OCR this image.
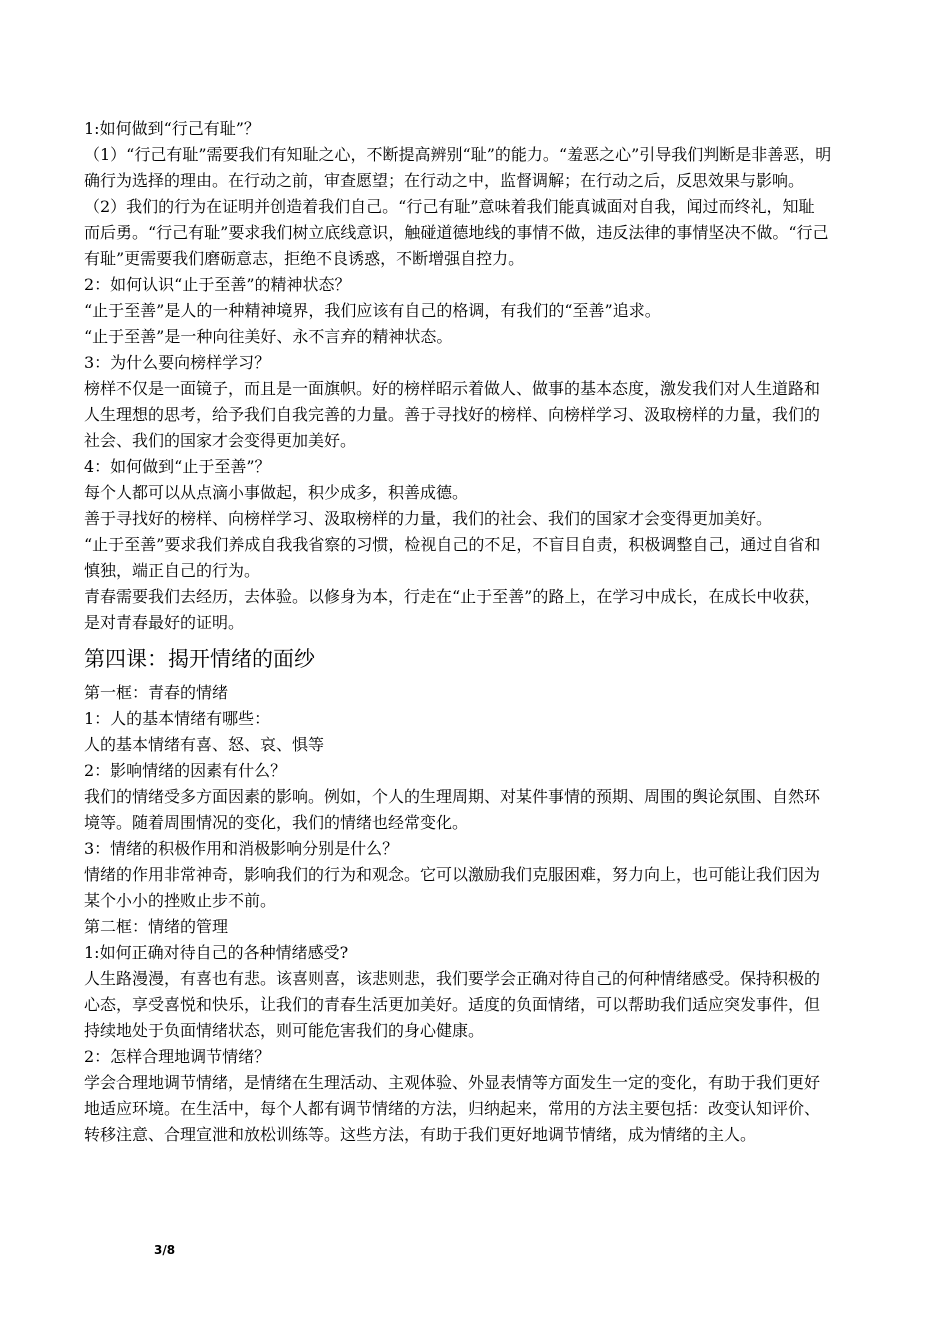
1:如何做到“行己有耻”？

（1）“行己有耻”需要我们有知耻之心，不断提高辨别“耻”的能力。“羞恶之心”引导我们判断是非善恶，明

确行为选择的理由。在行动之前，审查愿望；在行动之中，监督调解；在行动之后，反思效果与影响。

（2）我们的行为在证明并创造着我们自己。“行己有耻”意味着我们能真诚面对自我，闻过而终礼，知耻

而后勇。“行己有耻”要求我们树立底线意识，触碰道德地线的事情不做，违反法律的事情坚决不做。“行己

有耻”更需要我们磨砺意志，拒绝不良诱惑，不断增强自控力。

2：如何认识“止于至善”的精神状态？

“止于至善”是人的一种精神境界，我们应该有自己的格调，有我们的“至善”追求。

“止于至善”是一种向往美好、永不言弃的精神状态。

3：为什么要向榜样学习？

榜样不仅是一面镜子，而且是一面旗帜。好的榜样昭示着做人、做事的基本态度，激发我们对人生道路和

人生理想的思考，给予我们自我完善的力量。善于寻找好的榜样、向榜样学习、汲取榜样的力量，我们的

社会、我们的国家才会变得更加美好。

4：如何做到“止于至善”？

每个人都可以从点滴小事做起，积少成多，积善成德。

善于寻找好的榜样、向榜样学习、汲取榜样的力量，我们的社会、我们的国家才会变得更加美好。

“止于至善”要求我们养成自我我省察的习惯，检视自己的不足，不盲目自责，积极调整自己，通过自省和

慎独，端正自己的行为。

青春需要我们去经历，去体验。以修身为本，行走在“止于至善”的路上，在学习中成长，在成长中收获，

是对青春最好的证明。

第四课：揭开情绪的面纱

第一框：青春的情绪

1：人的基本情绪有哪些：

人的基本情绪有喜、怒、哀、惧等

2：影响情绪的因素有什么？

我们的情绪受多方面因素的影响。例如，个人的生理周期、对某件事情的预期、周围的舆论氛围、自然环

境等。随着周围情况的变化，我们的情绪也经常变化。

3：情绪的积极作用和消极影响分别是什么？

情绪的作用非常神奇，影响我们的行为和观念。它可以激励我们克服困难，努力向上，也可能让我们因为

某个小小的挫败止步不前。

第二框：情绪的管理

1:如何正确对待自己的各种情绪感受?

人生路漫漫，有喜也有悲。该喜则喜，该悲则悲，我们要学会正确对待自己的何种情绪感受。保持积极的

心态，享受喜悦和快乐，让我们的青春生活更加美好。适度的负面情绪，可以帮助我们适应突发事件，但

持续地处于负面情绪状态，则可能危害我们的身心健康。

2：怎样合理地调节情绪？

学会合理地调节情绪，是情绪在生理活动、主观体验、外显表情等方面发生一定的变化，有助于我们更好

地适应环境。在生活中，每个人都有调节情绪的方法，归纳起来，常用的方法主要包括：改变认知评价、

转移注意、合理宣泄和放松训练等。这些方法，有助于我们更好地调节情绪，成为情绪的主人。

3/8
